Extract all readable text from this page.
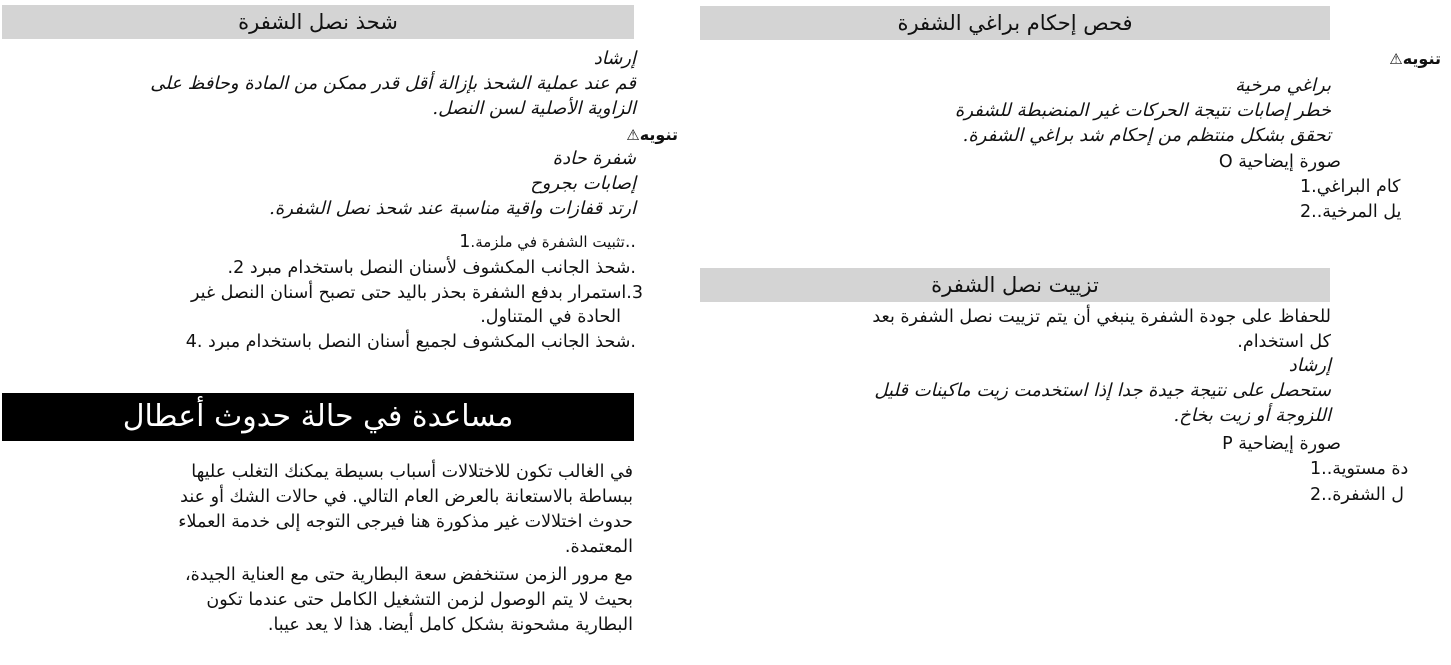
شحذ نصل الشفرة
إرشاد
قم عند عملية الشحذ بإزالة أقل قدر ممكن من المادة وحافظ على
الزاوية الأصلية لسن النصل.
تنويه⚠
شفرة حادة
إصابات بجروح
ارتد قفازات واقية مناسبة عند شحذ نصل الشفرة.
تثبيت الشفرة في ملزمة.1..
.2 شحذ الجانب المكشوف لأسنان النصل باستخدام مبرد.
3.استمرار بدفع الشفرة بحذر باليد حتى تصبح أسنان النصل غير
الحادة في المتناول.
4. شحذ الجانب المكشوف لجميع أسنان النصل باستخدام مبرد.
مساعدة في حالة حدوث أعطال
في الغالب تكون للاختلالات أسباب بسيطة يمكنك التغلب عليها
ببساطة بالاستعانة بالعرض العام التالي. في حالات الشك أو عند
حدوث اختلالات غير مذكورة هنا فيرجى التوجه إلى خدمة العملاء
المعتمدة.
مع مرور الزمن ستنخفض سعة البطارية حتى مع العناية الجيدة،
بحيث لا يتم الوصول لزمن التشغيل الكامل حتى عندما تكون
البطارية مشحونة بشكل كامل أيضا. هذا لا يعد عيبا.
فحص إحكام براغي الشفرة
تنويه⚠
براغي مرخية
خطر إصابات نتيجة الحركات غير المنضبطة للشفرة
تحقق بشكل منتظم من إحكام شد براغي الشفرة.
O صورة إيضاحية
كام البراغي.1
يل المرخية..2
تزييت نصل الشفرة
للحفاظ على جودة الشفرة ينبغي أن يتم تزييت نصل الشفرة بعد
كل استخدام.
إرشاد
ستحصل على نتيجة جيدة جدا إذا استخدمت زيت ماكينات قليل
اللزوجة أو زيت بخاخ.
P صورة إيضاحية
دة مستوية..1
ل الشفرة..2
